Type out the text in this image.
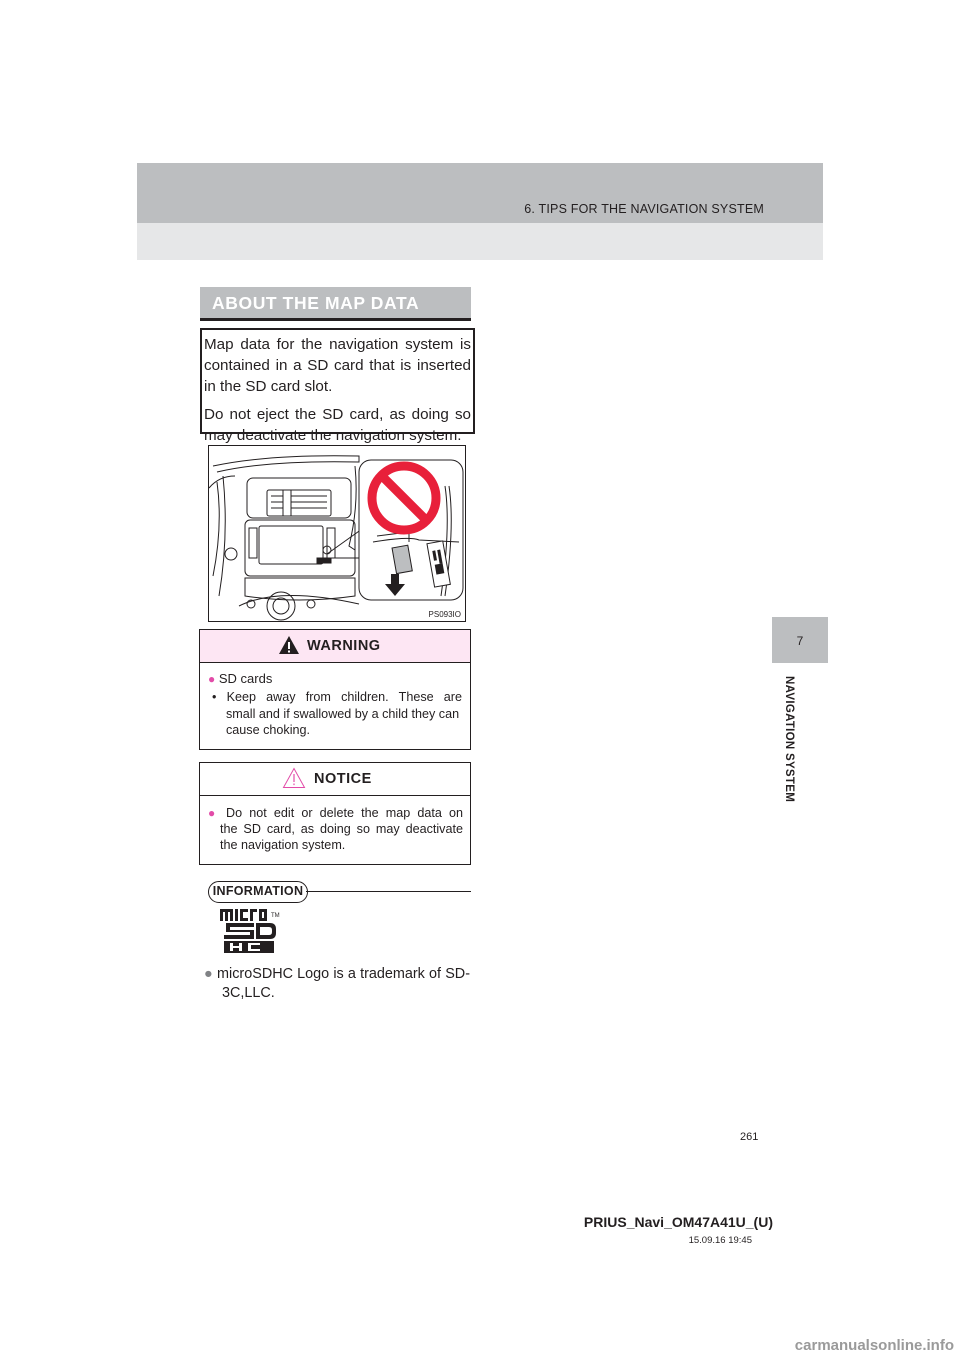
6. TIPS FOR THE NAVIGATION SYSTEM
7
NAVIGATION SYSTEM
ABOUT THE MAP DATA

Map data for the navigation system is contained in a SD card that is inserted in the SD card slot.

Do not eject the SD card, as doing so may deactivate the navigation system.

PS093IO
WARNING
● SD cards
• Keep away from children. These are
small and if swallowed by a child they can cause choking.
NOTICE
● Do not edit or delete the map data on
the SD card, as doing so may deactivate
the navigation system.
INFORMATION
TM
● microSDHC Logo is a trademark of SD-
3C,LLC.
261
PRIUS_Navi_OM47A41U_(U)
15.09.16 19:45
carmanualsonline.info
